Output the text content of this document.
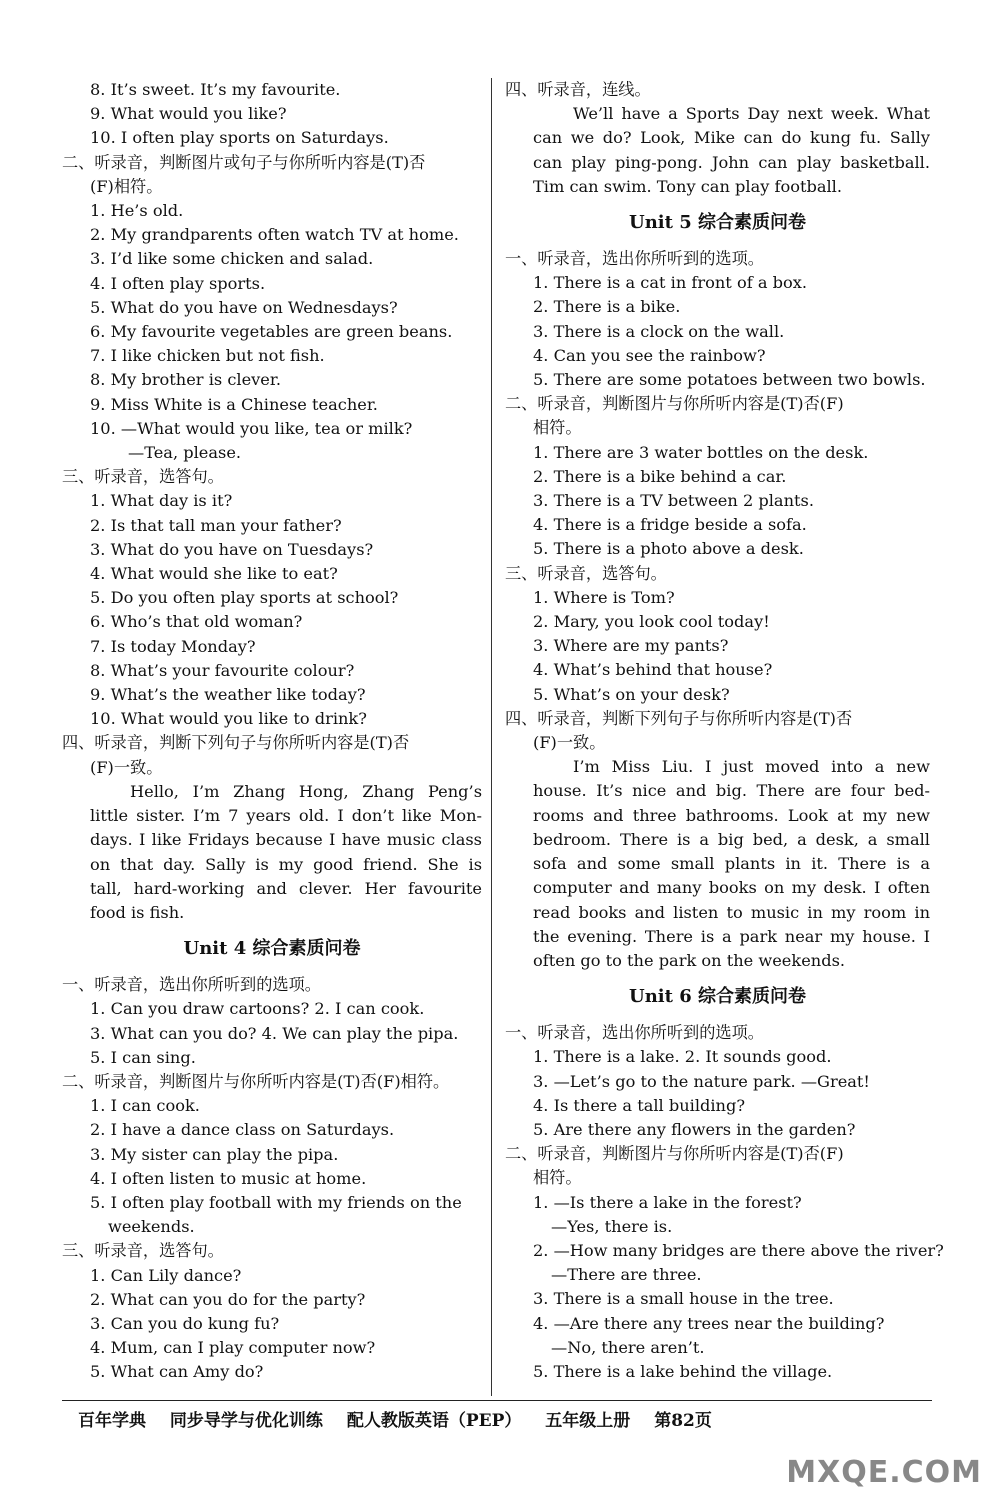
8. It’s sweet. It’s my favourite.
9. What would you like?
10. I often play sports on Saturdays.
二、听录音，判断图片或句子与你所听内容是(T)否
(F)相符。
1. He’s old.
2. My grandparents often watch TV at home.
3. I’d like some chicken and salad.
4. I often play sports.
5. What do you have on Wednesdays?
6. My favourite vegetables are green beans.
7. I like chicken but not fish.
8. My brother is clever.
9. Miss White is a Chinese teacher.
10. —What would you like, tea or milk?
—Tea, please.
三、听录音，选答句。
1. What day is it?
2. Is that tall man your father?
3. What do you have on Tuesdays?
4. What would she like to eat?
5. Do you often play sports at school?
6. Who’s that old woman?
7. Is today Monday?
8. What’s your favourite colour?
9. What’s the weather like today?
10. What would you like to drink?
四、听录音，判断下列句子与你所听内容是(T)否
(F)一致。
Hello, I’m Zhang Hong, Zhang Peng’s
little sister. I’m 7 years old. I don’t like Mon-
days. I like Fridays because I have music class
on that day. Sally is my good friend. She is
tall, hard-working and clever. Her favourite
food is fish.
Unit 4 综合素质问卷
一、听录音，选出你所听到的选项。
1. Can you draw cartoons? 2. I can cook.
3. What can you do? 4. We can play the pipa.
5. I can sing.
二、听录音，判断图片与你所听内容是(T)否(F)相符。
1. I can cook.
2. I have a dance class on Saturdays.
3. My sister can play the pipa.
4. I often listen to music at home.
5. I often play football with my friends on the
weekends.
三、听录音，选答句。
1. Can Lily dance?
2. What can you do for the party?
3. Can you do kung fu?
4. Mum, can I play computer now?
5. What can Amy do?
四、听录音，连线。
We’ll have a Sports Day next week. What
can we do? Look, Mike can do kung fu. Sally
can play ping-pong. John can play basketball.
Tim can swim. Tony can play football.
Unit 5 综合素质问卷
一、听录音，选出你所听到的选项。
1. There is a cat in front of a box.
2. There is a bike.
3. There is a clock on the wall.
4. Can you see the rainbow?
5. There are some potatoes between two bowls.
二、听录音，判断图片与你所听内容是(T)否(F)
相符。
1. There are 3 water bottles on the desk.
2. There is a bike behind a car.
3. There is a TV between 2 plants.
4. There is a fridge beside a sofa.
5. There is a photo above a desk.
三、听录音，选答句。
1. Where is Tom?
2. Mary, you look cool today!
3. Where are my pants?
4. What’s behind that house?
5. What’s on your desk?
四、听录音，判断下列句子与你所听内容是(T)否
(F)一致。
I’m Miss Liu. I just moved into a new
house. It’s nice and big. There are four bed-
rooms and three bathrooms. Look at my new
bedroom. There is a big bed, a desk, a small
sofa and some small plants in it. There is a
computer and many books on my desk. I often
read books and listen to music in my room in
the evening. There is a park near my house. I
often go to the park on the weekends.
Unit 6 综合素质问卷
一、听录音，选出你所听到的选项。
1. There is a lake. 2. It sounds good.
3. —Let’s go to the nature park. —Great!
4. Is there a tall building?
5. Are there any flowers in the garden?
二、听录音，判断图片与你所听内容是(T)否(F)
相符。
1. —Is there a lake in the forest?
—Yes, there is.
2. —How many bridges are there above the river?
—There are three.
3. There is a small house in the tree.
4. —Are there any trees near the building?
—No, there aren’t.
5. There is a lake behind the village.
百年学典 同步导学与优化训练 配人教版英语（PEP） 五年级上册 第82页
MXQE.COM
